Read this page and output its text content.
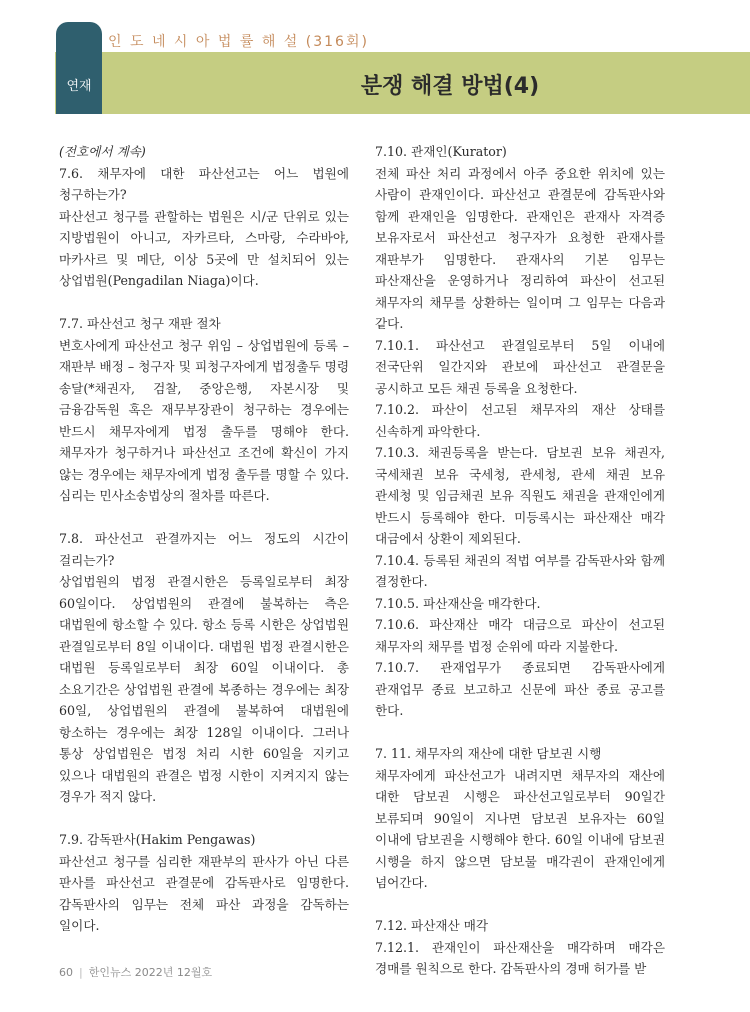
인 도 네 시 아 법 률 해 설 (316회)
연재	분쟁 해결 방법(4)

(전호에서 계속)

7.6. 채무자에 대한 파산선고는 어느 법원에 청구하는가?

파산선고 청구를 관할하는 법원은 시/군 단위로 있는 지방법원이 아니고, 자카르타, 스마랑, 수라바야, 마카사르 및 메단, 이상 5곳에 만 설치되어 있는 상업법원(Pengadilan Niaga)이다.

7.7. 파산선고 청구 재판 절차

변호사에게 파산선고 청구 위임 – 상업법원에 등록 – 재판부 배정 – 청구자 및 피청구자에게 법정출두 명령 송달(*채권자, 검찰, 중앙은행, 자본시장 및 금융감독원 혹은 재무부장관이 청구하는 경우에는 반드시 채무자에게 법정 출두를 명해야 한다. 채무자가 청구하거나 파산선고 조건에 확신이 가지 않는 경우에는 채무자에게 법정 출두를 명할 수 있다. 심리는 민사소송법상의 절차를 따른다.

7.8. 파산선고 관결까지는 어느 정도의 시간이 걸리는가?

상업법원의 법정 관결시한은 등록일로부터 최장 60일이다. 상업법원의 관결에 불복하는 측은 대법원에 항소할 수 있다. 항소 등록 시한은 상업법원 관결일로부터 8일 이내이다. 대법원 법정 관결시한은 대법원 등록일로부터 최장 60일 이내이다. 총 소요기간은 상업법원 관결에 복종하는 경우에는 최장 60일, 상업법원의 관결에 불복하여 대법원에 항소하는 경우에는 최장 128일 이내이다. 그러나 통상 상업법원은 법정 처리 시한 60일을 지키고 있으나 대법원의 관결은 법정 시한이 지켜지지 않는 경우가 적지 않다.

7.9. 감독판사(Hakim Pengawas)

파산선고 청구를 심리한 재판부의 판사가 아닌 다른 판사를 파산선고 관결문에 감독판사로 임명한다. 감독판사의 임무는 전체 파산 과정을 감독하는 일이다.

7.10. 관재인(Kurator)

전체 파산 처리 과정에서 아주 중요한 위치에 있는 사람이 관재인이다. 파산선고 관결문에 감독판사와 함께 관재인을 임명한다. 관재인은 관재사 자격증 보유자로서 파산선고 청구자가 요청한 관재사를 재판부가 임명한다. 관재사의 기본 임무는 파산재산을 운영하거나 정리하여 파산이 선고된 채무자의 채무를 상환하는 일이며 그 임무는 다음과 같다.

7.10.1. 파산선고 관결일로부터 5일 이내에 전국단위 일간지와 관보에 파산선고 관결문을 공시하고 모든 채권 등록을 요청한다.

7.10.2. 파산이 선고된 채무자의 재산 상태를 신속하게 파악한다.

7.10.3. 채권등록을 받는다. 담보권 보유 채권자, 국세채권 보유 국세청, 관세청, 관세 채권 보유 관세청 및 임금채권 보유 직원도 채권을 관재인에게 반드시 등록해야 한다. 미등록시는 파산재산 매각 대금에서 상환이 제외된다.

7.10.4. 등록된 채권의 적법 여부를 감독판사와 함께 결정한다.

7.10.5. 파산재산을 매각한다.

7.10.6. 파산재산 매각 대금으로 파산이 선고된 채무자의 채무를 법정 순위에 따라 지불한다.

7.10.7. 관재업무가 종료되면 감독판사에게 관재업무 종료 보고하고 신문에 파산 종료 공고를 한다.

7. 11. 채무자의 재산에 대한 담보권 시행

채무자에게 파산선고가 내려지면 채무자의 재산에 대한 담보권 시행은 파산선고일로부터 90일간 보류되며 90일이 지나면 담보권 보유자는 60일 이내에 담보권을 시행해야 한다. 60일 이내에 담보권 시행을 하지 않으면 담보물 매각권이 관재인에게 넘어간다.

7.12. 파산재산 매각

7.12.1. 관재인이 파산재산을 매각하며 매각은 경매를 원칙으로 한다. 감독판사의 경매 허가를 받

60 | 한인뉴스 2022년 12월호
